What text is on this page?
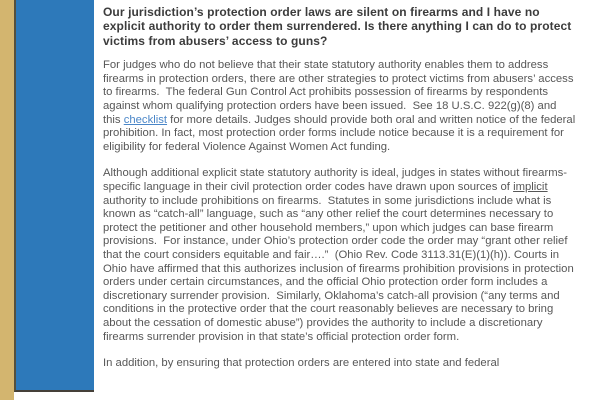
Our jurisdiction’s protection order laws are silent on firearms and I have no explicit authority to order them surrendered. Is there anything I can do to protect victims from abusers’ access to guns?

For judges who do not believe that their state statutory authority enables them to address firearms in protection orders, there are other strategies to protect victims from abusers’ access to firearms.  The federal Gun Control Act prohibits possession of firearms by respondents against whom qualifying protection orders have been issued.  See 18 U.S.C. 922(g)(8) and this checklist for more details. Judges should provide both oral and written notice of the federal prohibition. In fact, most protection order forms include notice because it is a requirement for eligibility for federal Violence Against Women Act funding.

Although additional explicit state statutory authority is ideal, judges in states without firearms-specific language in their civil protection order codes have drawn upon sources of implicit authority to include prohibitions on firearms.  Statutes in some jurisdictions include what is known as “catch-all” language, such as “any other relief the court determines necessary to protect the petitioner and other household members,” upon which judges can base firearm provisions.  For instance, under Ohio’s protection order code the order may “grant other relief that the court considers equitable and fair….”  (Ohio Rev. Code 3113.31(E)(1)(h)). Courts in Ohio have affirmed that this authorizes inclusion of firearms prohibition provisions in protection orders under certain circumstances, and the official Ohio protection order form includes a discretionary surrender provision.  Similarly, Oklahoma’s catch-all provision (“any terms and conditions in the protective order that the court reasonably believes are necessary to bring about the cessation of domestic abuse”) provides the authority to include a discretionary firearms surrender provision in that state’s official protection order form.

In addition, by ensuring that protection orders are entered into state and federal
